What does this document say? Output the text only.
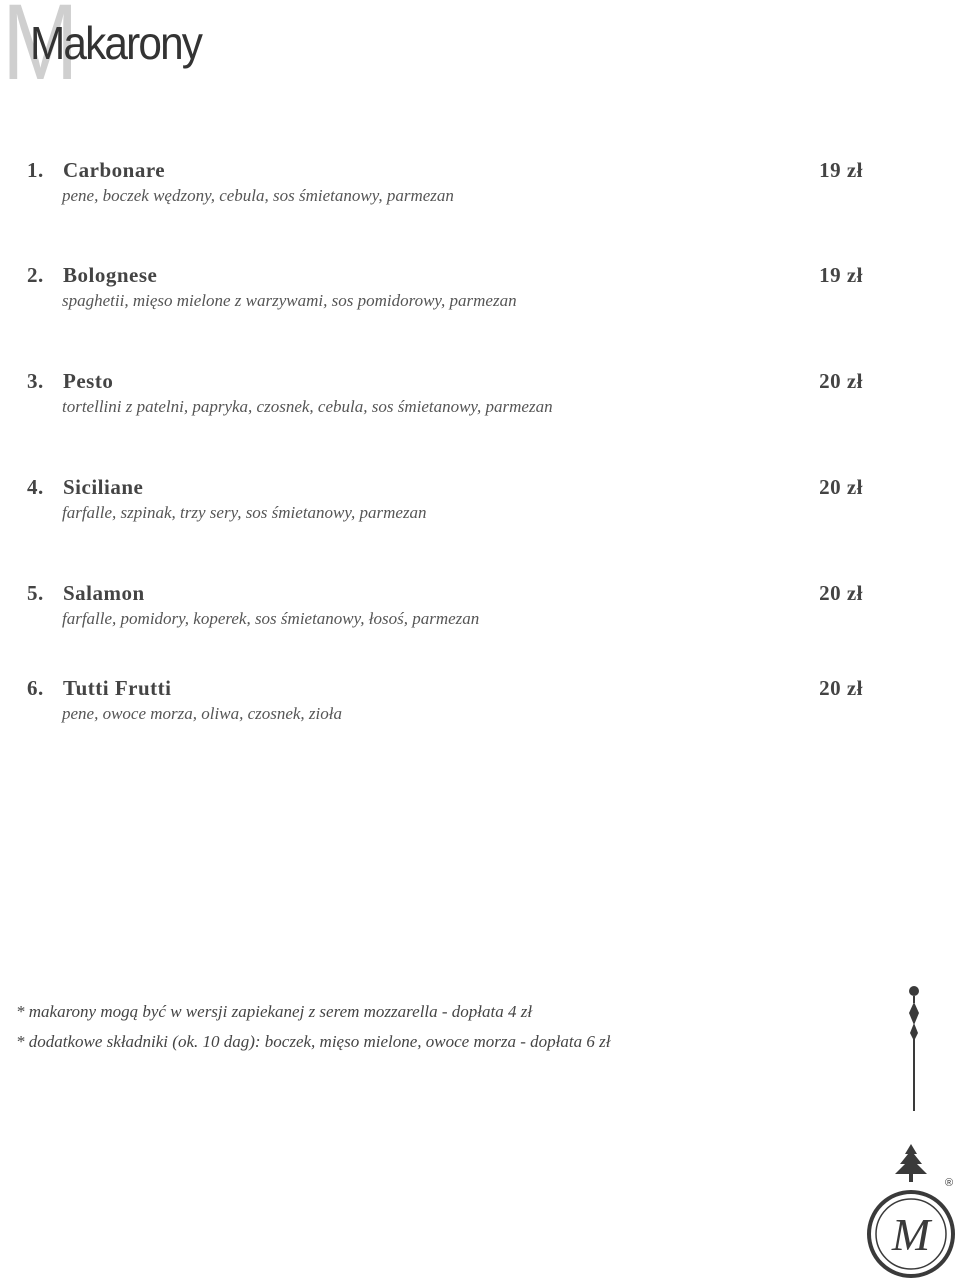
M
Makarony
1. Carbonare	19 zł
pene, boczek wędzony, cebula, sos śmietanowy, parmezan
2. Bolognese	19 zł
spaghetii, mięso mielone z warzywami, sos pomidorowy, parmezan
3. Pesto	20 zł
tortellini z patelni, papryka, czosnek, cebula, sos śmietanowy, parmezan
4. Siciliane	20 zł
farfalle, szpinak, trzy sery, sos śmietanowy, parmezan
5. Salamon	20 zł
farfalle, pomidory, koperek, sos śmietanowy, łosoś, parmezan
6. Tutti Frutti	20 zł
pene, owoce morza, oliwa, czosnek, zioła
* makarony mogą być w wersji zapiekanej z serem mozzarella - dopłata 4 zł
* dodatkowe składniki (ok. 10 dag): boczek, mięso mielone, owoce morza - dopłata 6 zł
M
®
